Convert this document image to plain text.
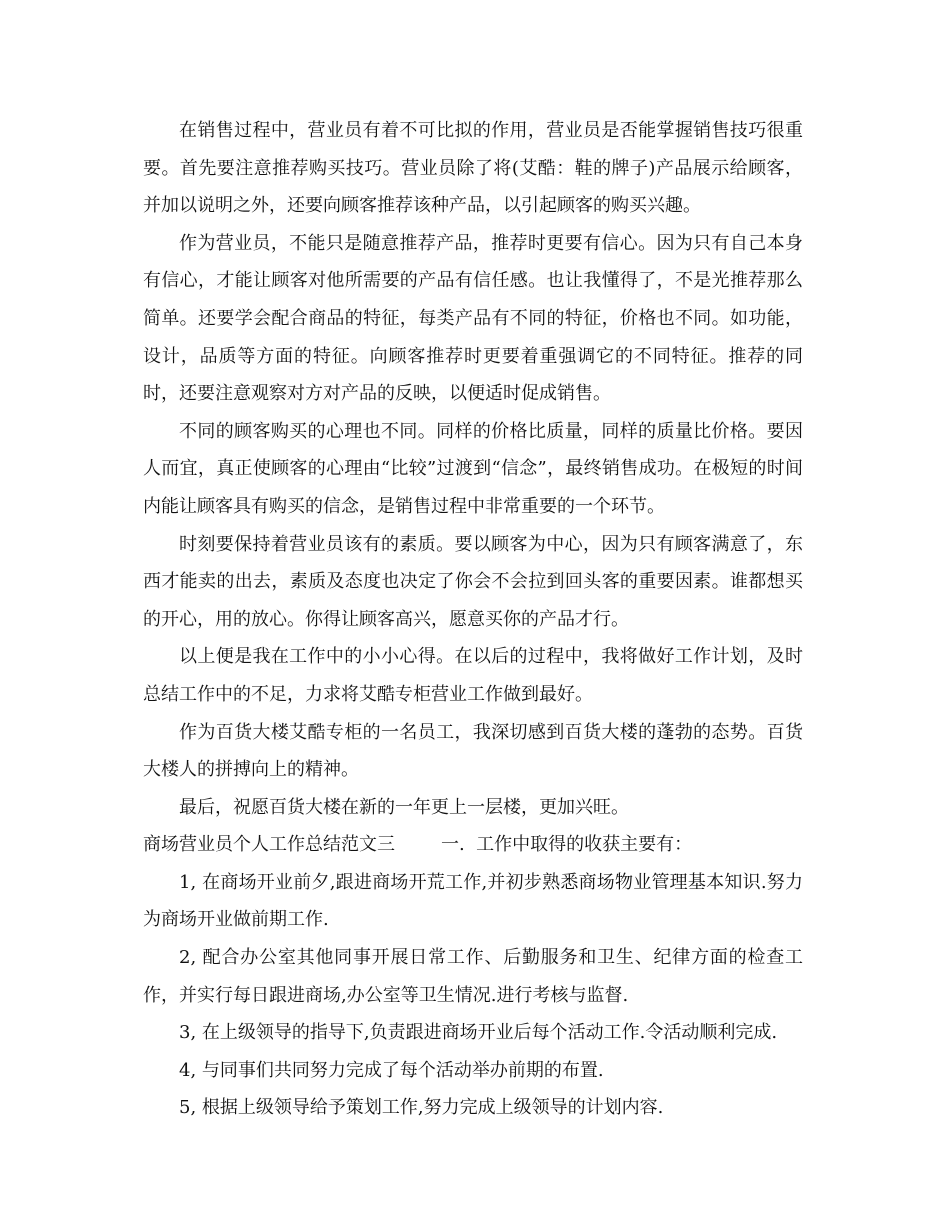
在销售过程中，营业员有着不可比拟的作用，营业员是否能掌握销售技巧很重要。首先要注意推荐购买技巧。营业员除了将(艾酷：鞋的牌子)产品展示给顾客，并加以说明之外，还要向顾客推荐该种产品，以引起顾客的购买兴趣。

作为营业员，不能只是随意推荐产品，推荐时更要有信心。因为只有自己本身有信心，才能让顾客对他所需要的产品有信任感。也让我懂得了，不是光推荐那么简单。还要学会配合商品的特征，每类产品有不同的特征，价格也不同。如功能，设计，品质等方面的特征。向顾客推荐时更要着重强调它的不同特征。推荐的同时，还要注意观察对方对产品的反映，以便适时促成销售。

不同的顾客购买的心理也不同。同样的价格比质量，同样的质量比价格。要因人而宜，真正使顾客的心理由“比较”过渡到“信念”，最终销售成功。在极短的时间内能让顾客具有购买的信念，是销售过程中非常重要的一个环节。

时刻要保持着营业员该有的素质。要以顾客为中心，因为只有顾客满意了，东西才能卖的出去，素质及态度也决定了你会不会拉到回头客的重要因素。谁都想买的开心，用的放心。你得让顾客高兴，愿意买你的产品才行。

以上便是我在工作中的小小心得。在以后的过程中，我将做好工作计划，及时总结工作中的不足，力求将艾酷专柜营业工作做到最好。

作为百货大楼艾酷专柜的一名员工，我深切感到百货大楼的蓬勃的态势。百货大楼人的拼搏向上的精神。

最后，祝愿百货大楼在新的一年更上一层楼，更加兴旺。

商场营业员个人工作总结范文三	一.  工作中取得的收获主要有：

1, 在商场开业前夕,跟进商场开荒工作,并初步熟悉商场物业管理基本知识.努力为商场开业做前期工作.

2, 配合办公室其他同事开展日常工作、后勤服务和卫生、纪律方面的检查工作，并实行每日跟进商场,办公室等卫生情况.进行考核与监督.

3, 在上级领导的指导下,负责跟进商场开业后每个活动工作.令活动顺利完成.

4, 与同事们共同努力完成了每个活动举办前期的布置.

5, 根据上级领导给予策划工作,努力完成上级领导的计划内容.
